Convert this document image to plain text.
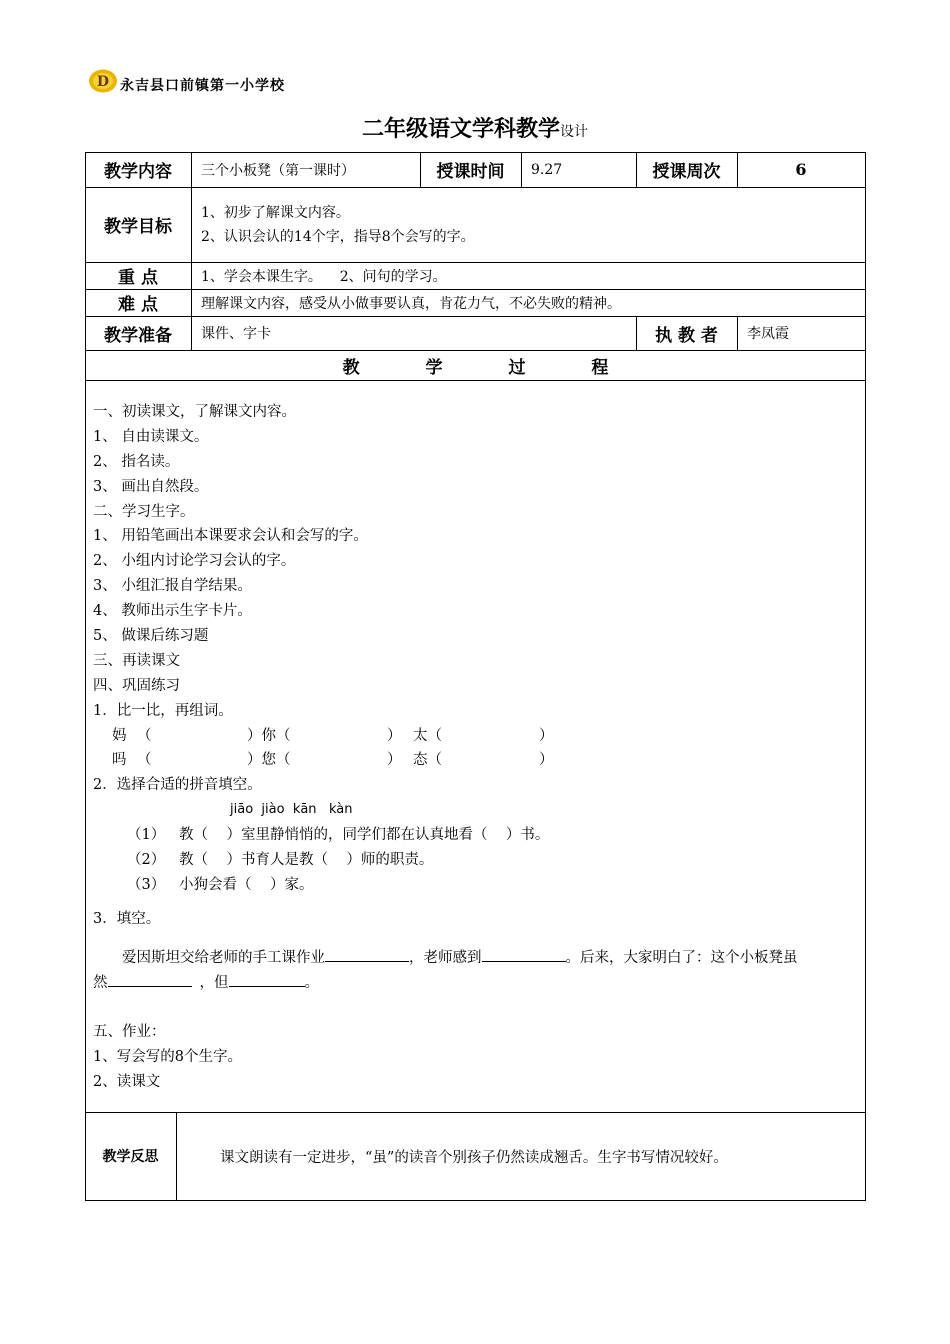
D 永吉县口前镇第一小学校
二年级语文学科教学设计
教学内容	三个小板凳（第一课时）	授课时间	9.27	授课周次	6
教学目标
1、初步了解课文内容。
2、认识会认的14个字，指导8个会写的字。
重 点	1、学会本课生字。    2、问句的学习。
难 点	理解课文内容，感受从小做事要认真，肯花力气，不必失败的精神。
教学准备	课件、字卡	执 教 者	李凤霞
教 学 过 程
一、初读课文，了解课文内容。
1、 自由读课文。
2、 指名读。
3、 画出自然段。
二、学习生字。
1、 用铅笔画出本课要求会认和会写的字。
2、 小组内讨论学习会认的字。
3、 小组汇报自学结果。
4、 教师出示生字卡片。
5、 做课后练习题
三、再读课文
四、巩固练习
1．比一比，再组词。
妈 （	）你（	） 太（	）
吗 （	）您（	） 态（	）
2．选择合适的拼音填空。
jiāo  jiào  kān   kàn
（1）   教（    ）室里静悄悄的，同学们都在认真地看（    ）书。
（2）   教（    ）书育人是教（    ）师的职责。
（3）   小狗会看（    ）家。
3．填空。
爱因斯坦交给老师的手工课作业	，老师感到	。后来，大家明白了：这个小板凳虽
然	，但	。
五、作业：
1、写会写的8个生字。
2、读课文
教学反思	课文朗读有一定进步，“虽”的读音个别孩子仍然读成翘舌。生字书写情况较好。
